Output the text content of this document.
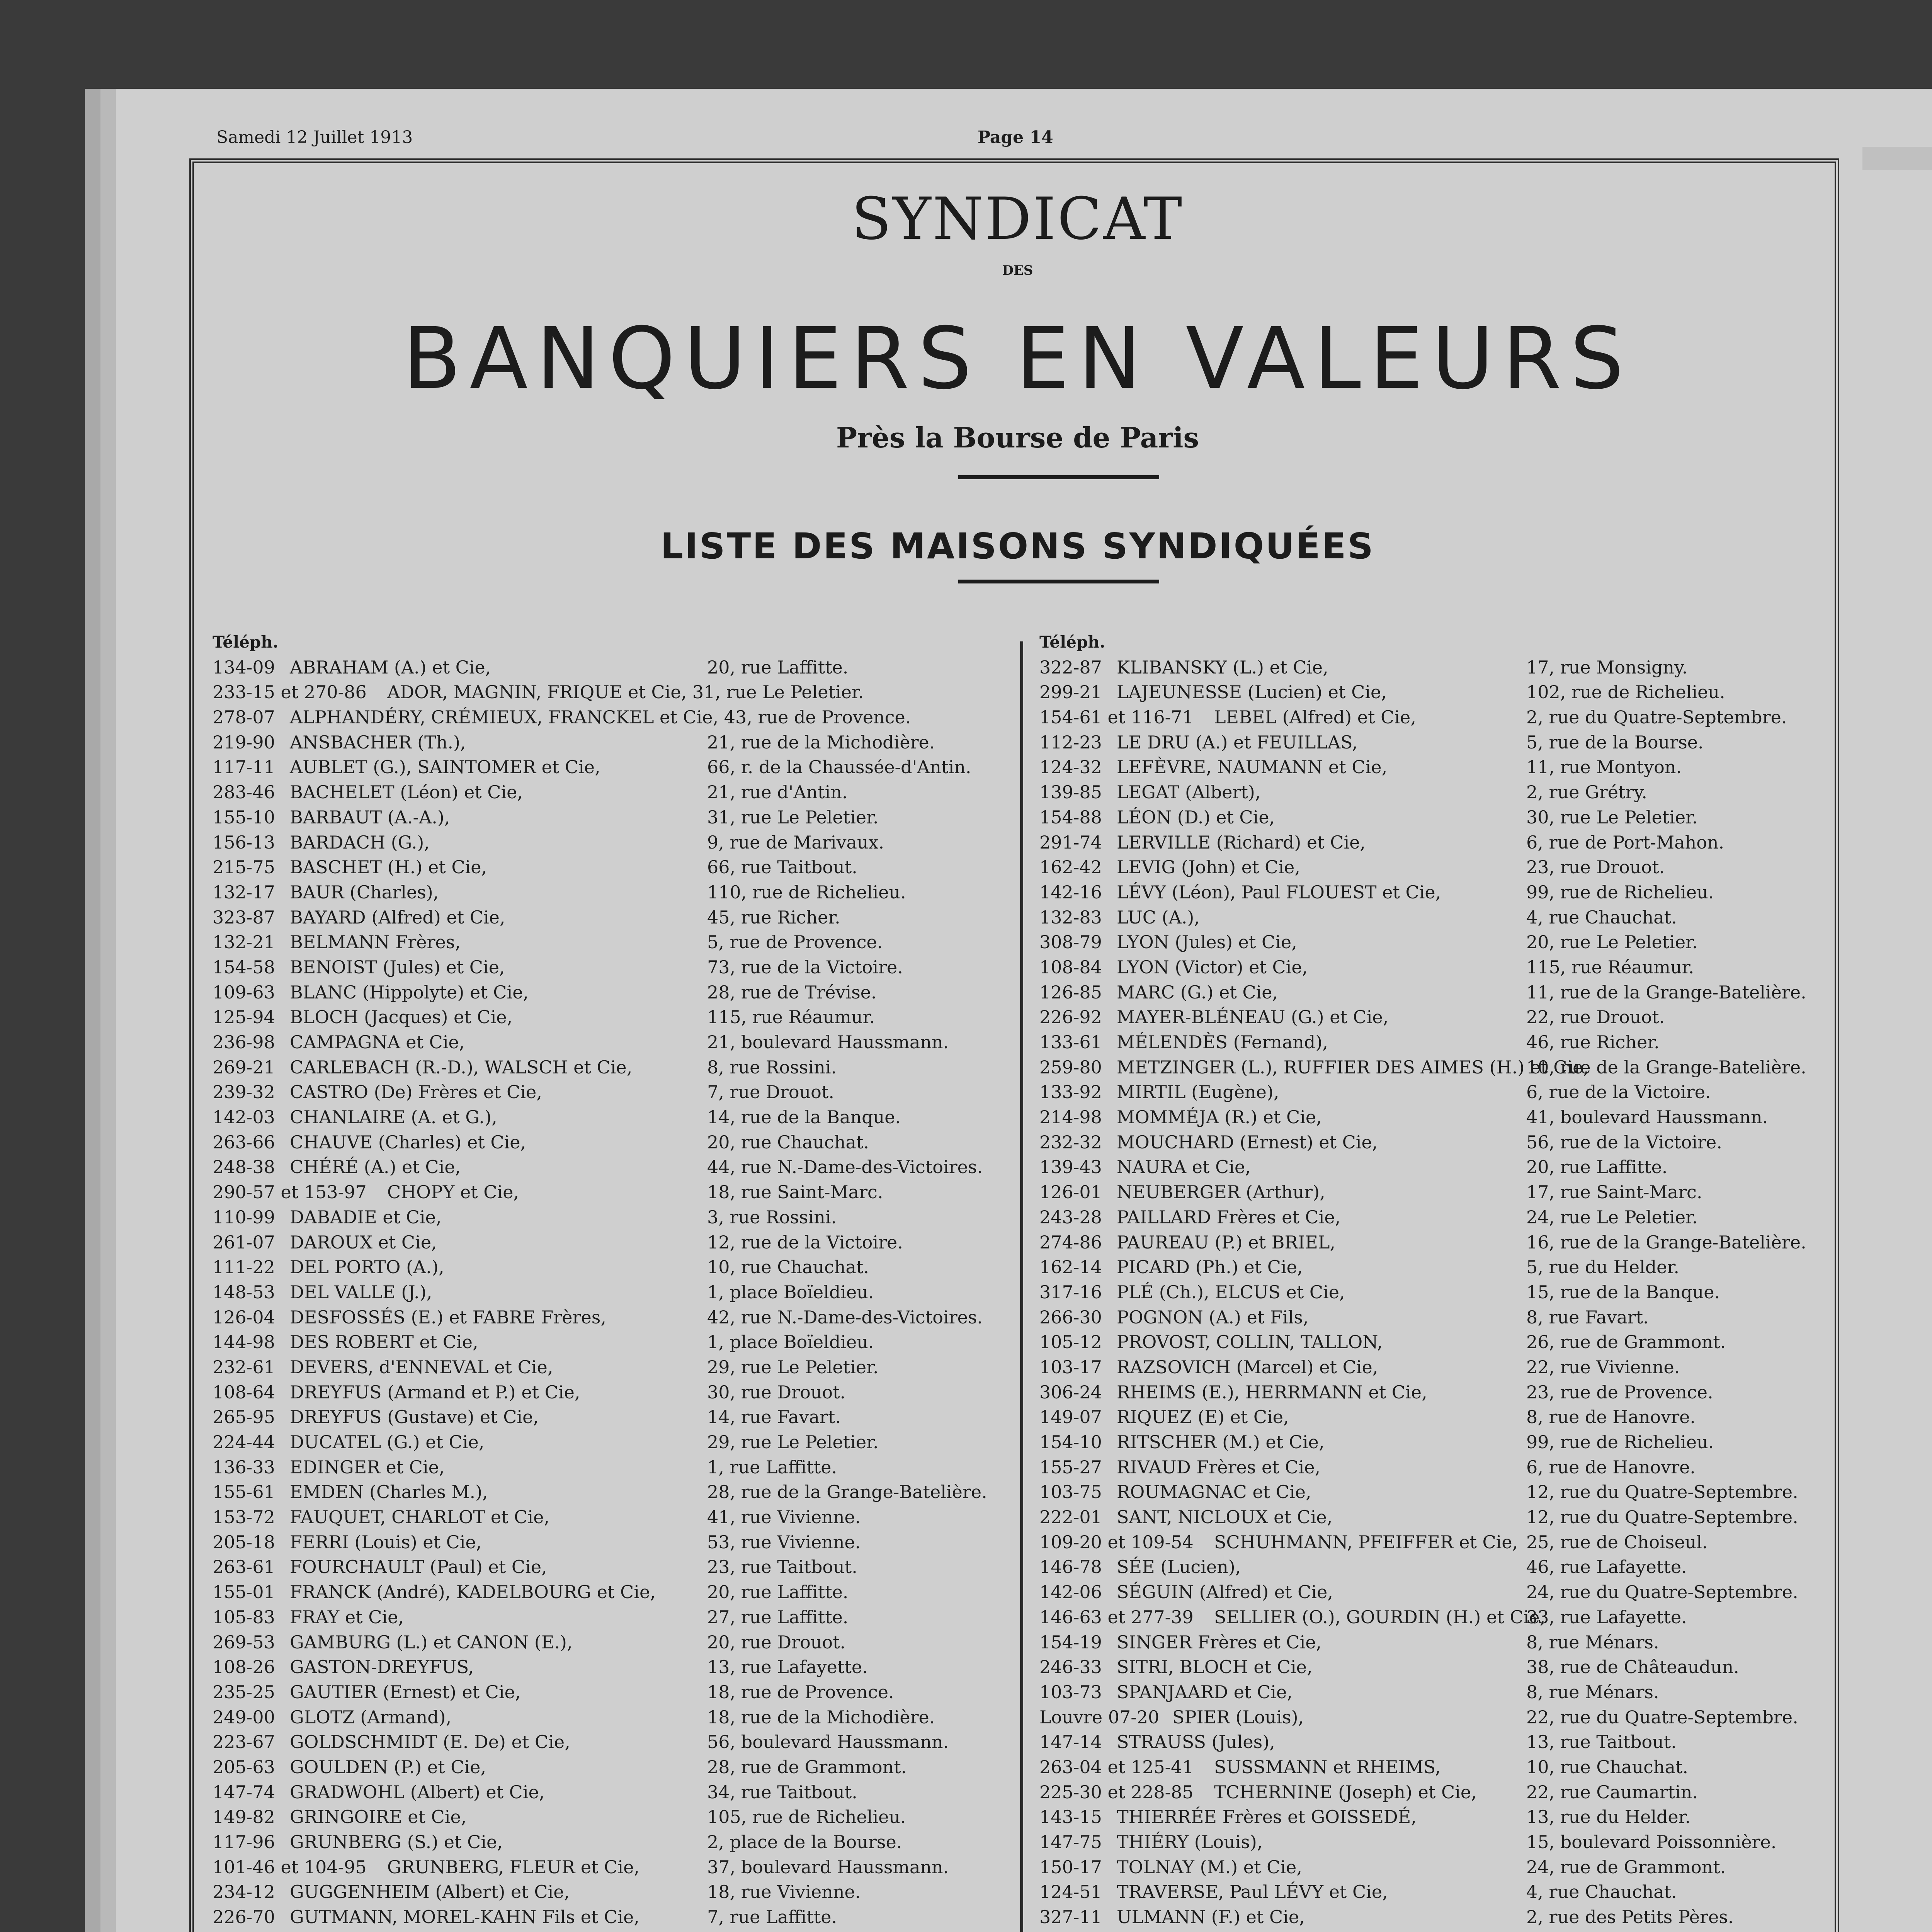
Samedi 12 Juillet 1913	Page 14
SYNDICAT
DES
BANQUIERS EN VALEURS
Près la Bourse de Paris
LISTE DES MAISONS SYNDIQUÉES
Téléph.
134-09 ABRAHAM (A.) et Cie,	20, rue Laffitte.
233-15 et 270-86 ADOR, MAGNIN, FRIQUE et Cie, 31, rue Le Peletier.
278-07 ALPHANDÉRY, CRÉMIEUX, FRANCKEL et Cie, 43, rue de Provence.
219-90 ANSBACHER (Th.),	21, rue de la Michodière.
117-11 AUBLET (G.), SAINTOMER et Cie,	66, r. de la Chaussée-d'Antin.
283-46 BACHELET (Léon) et Cie,	21, rue d'Antin.
155-10 BARBAUT (A.-A.),	31, rue Le Peletier.
156-13 BARDACH (G.),	9, rue de Marivaux.
215-75 BASCHET (H.) et Cie,	66, rue Taitbout.
132-17 BAUR (Charles),	110, rue de Richelieu.
323-87 BAYARD (Alfred) et Cie,	45, rue Richer.
132-21 BELMANN Frères,	5, rue de Provence.
154-58 BENOIST (Jules) et Cie,	73, rue de la Victoire.
109-63 BLANC (Hippolyte) et Cie,	28, rue de Trévise.
125-94 BLOCH (Jacques) et Cie,	115, rue Réaumur.
236-98 CAMPAGNA et Cie,	21, boulevard Haussmann.
269-21 CARLEBACH (R.-D.), WALSCH et Cie,	8, rue Rossini.
239-32 CASTRO (De) Frères et Cie,	7, rue Drouot.
142-03 CHANLAIRE (A. et G.),	14, rue de la Banque.
263-66 CHAUVE (Charles) et Cie,	20, rue Chauchat.
248-38 CHÉRÉ (A.) et Cie,	44, rue N.-Dame-des-Victoires.
290-57 et 153-97 CHOPY et Cie,	18, rue Saint-Marc.
110-99 DABADIE et Cie,	3, rue Rossini.
261-07 DAROUX et Cie,	12, rue de la Victoire.
111-22 DEL PORTO (A.),	10, rue Chauchat.
148-53 DEL VALLE (J.),	1, place Boïeldieu.
126-04 DESFOSSÉS (E.) et FABRE Frères,	42, rue N.-Dame-des-Victoires.
144-98 DES ROBERT et Cie,	1, place Boïeldieu.
232-61 DEVERS, d'ENNEVAL et Cie,	29, rue Le Peletier.
108-64 DREYFUS (Armand et P.) et Cie,	30, rue Drouot.
265-95 DREYFUS (Gustave) et Cie,	14, rue Favart.
224-44 DUCATEL (G.) et Cie,	29, rue Le Peletier.
136-33 EDINGER et Cie,	1, rue Laffitte.
155-61 EMDEN (Charles M.),	28, rue de la Grange-Batelière.
153-72 FAUQUET, CHARLOT et Cie,	41, rue Vivienne.
205-18 FERRI (Louis) et Cie,	53, rue Vivienne.
263-61 FOURCHAULT (Paul) et Cie,	23, rue Taitbout.
155-01 FRANCK (André), KADELBOURG et Cie,	20, rue Laffitte.
105-83 FRAY et Cie,	27, rue Laffitte.
269-53 GAMBURG (L.) et CANON (E.),	20, rue Drouot.
108-26 GASTON-DREYFUS,	13, rue Lafayette.
235-25 GAUTIER (Ernest) et Cie,	18, rue de Provence.
249-00 GLOTZ (Armand),	18, rue de la Michodière.
223-67 GOLDSCHMIDT (E. De) et Cie,	56, boulevard Haussmann.
205-63 GOULDEN (P.) et Cie,	28, rue de Grammont.
147-74 GRADWOHL (Albert) et Cie,	34, rue Taitbout.
149-82 GRINGOIRE et Cie,	105, rue de Richelieu.
117-96 GRUNBERG (S.) et Cie,	2, place de la Bourse.
101-46 et 104-95 GRUNBERG, FLEUR et Cie,	37, boulevard Haussmann.
234-12 GUGGENHEIM (Albert) et Cie,	18, rue Vivienne.
226-70 GUTMANN, MOREL-KAHN Fils et Cie,	7, rue Laffitte.
Téléph.
322-87 KLIBANSKY (L.) et Cie,	17, rue Monsigny.
299-21 LAJEUNESSE (Lucien) et Cie,	102, rue de Richelieu.
154-61 et 116-71 LEBEL (Alfred) et Cie,	2, rue du Quatre-Septembre.
112-23 LE DRU (A.) et FEUILLAS,	5, rue de la Bourse.
124-32 LEFÈVRE, NAUMANN et Cie,	11, rue Montyon.
139-85 LEGAT (Albert),	2, rue Grétry.
154-88 LÉON (D.) et Cie,	30, rue Le Peletier.
291-74 LERVILLE (Richard) et Cie,	6, rue de Port-Mahon.
162-42 LEVIG (John) et Cie,	23, rue Drouot.
142-16 LÉVY (Léon), Paul FLOUEST et Cie,	99, rue de Richelieu.
132-83 LUC (A.),	4, rue Chauchat.
308-79 LYON (Jules) et Cie,	20, rue Le Peletier.
108-84 LYON (Victor) et Cie,	115, rue Réaumur.
126-85 MARC (G.) et Cie,	11, rue de la Grange-Batelière.
226-92 MAYER-BLÉNEAU (G.) et Cie,	22, rue Drouot.
133-61 MÉLENDÈS (Fernand),	46, rue Richer.
259-80 METZINGER (L.), RUFFIER DES AIMES (H.) et Cie,
10, rue de la Grange-Batelière.
133-92 MIRTIL (Eugène),	6, rue de la Victoire.
214-98 MOMMÉJA (R.) et Cie,	41, boulevard Haussmann.
232-32 MOUCHARD (Ernest) et Cie,	56, rue de la Victoire.
139-43 NAURA et Cie,	20, rue Laffitte.
126-01 NEUBERGER (Arthur),	17, rue Saint-Marc.
243-28 PAILLARD Frères et Cie,	24, rue Le Peletier.
274-86 PAUREAU (P.) et BRIEL,	16, rue de la Grange-Batelière.
162-14 PICARD (Ph.) et Cie,	5, rue du Helder.
317-16 PLÉ (Ch.), ELCUS et Cie,	15, rue de la Banque.
266-30 POGNON (A.) et Fils,	8, rue Favart.
105-12 PROVOST, COLLIN, TALLON,	26, rue de Grammont.
103-17 RAZSOVICH (Marcel) et Cie,	22, rue Vivienne.
306-24 RHEIMS (E.), HERRMANN et Cie,	23, rue de Provence.
149-07 RIQUEZ (E) et Cie,	8, rue de Hanovre.
154-10 RITSCHER (M.) et Cie,	99, rue de Richelieu.
155-27 RIVAUD Frères et Cie,	6, rue de Hanovre.
103-75 ROUMAGNAC et Cie,	12, rue du Quatre-Septembre.
222-01 SANT, NICLOUX et Cie,	12, rue du Quatre-Septembre.
109-20 et 109-54 SCHUHMANN, PFEIFFER et Cie, 25, rue de Choiseul.
146-78 SÉE (Lucien),	46, rue Lafayette.
142-06 SÉGUIN (Alfred) et Cie,	24, rue du Quatre-Septembre.
146-63 et 277-39 SELLIER (O.), GOURDIN (H.) et Cie,
33, rue Lafayette.
154-19 SINGER Frères et Cie,	8, rue Ménars.
246-33 SITRI, BLOCH et Cie,	38, rue de Châteaudun.
103-73 SPANJAARD et Cie,	8, rue Ménars.
Louvre 07-20 SPIER (Louis),	22, rue du Quatre-Septembre.
147-14 STRAUSS (Jules),	13, rue Taitbout.
263-04 et 125-41 SUSSMANN et RHEIMS,	10, rue Chauchat.
225-30 et 228-85 TCHERNINE (Joseph) et Cie,	22, rue Caumartin.
143-15 THIERRÉE Frères et GOISSEDÉ,	13, rue du Helder.
147-75 THIÉRY (Louis),	15, boulevard Poissonnière.
150-17 TOLNAY (M.) et Cie,	24, rue de Grammont.
124-51 TRAVERSE, Paul LÉVY et Cie,	4, rue Chauchat.
327-11 ULMANN (F.) et Cie,	2, rue des Petits Pères.
